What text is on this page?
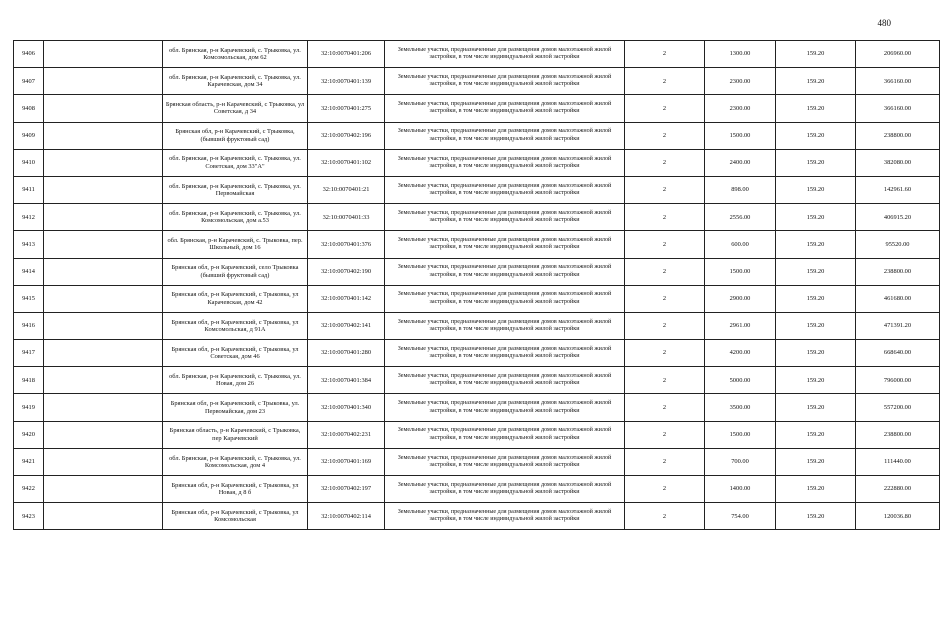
480
9406		обл. Брянская, р-н Карачевский, с. Трыковка, ул. Комсомольская, дом 62	32:10:0070401:206	Земельные участки, предназначенные для размещения домов малоэтажной жилой застройки, в том числе индивидуальной жилой застройки	2	1300.00	159.20	206960.00
9407		обл. Брянская, р-н Карачевский, с. Трыковка, ул. Карачевская, дом 34	32:10:0070401:139	Земельные участки, предназначенные для размещения домов малоэтажной жилой застройки, в том числе индивидуальной жилой застройки	2	2300.00	159.20	366160.00
9408		Брянская область, р-н Карачевский, с Трыковка, ул Советская, д 34	32:10:0070401:275	Земельные участки, предназначенные для размещения домов малоэтажной жилой застройки, в том числе индивидуальной жилой застройки	2	2300.00	159.20	366160.00
9409		Брянская обл, р-н Карачевский, с Трыковка, (бывший фруктовый сад)	32:10:0070402:196	Земельные участки, предназначенные для размещения домов малоэтажной жилой застройки, в том числе индивидуальной жилой застройки	2	1500.00	159.20	238800.00
9410		обл. Брянская, р-н Карачевский, с. Трыковка, ул. Советская, дом 33"А"	32:10:0070401:102	Земельные участки, предназначенные для размещения домов малоэтажной жилой застройки, в том числе индивидуальной жилой застройки	2	2400.00	159.20	382080.00
9411		обл. Брянская, р-н Карачевский, с. Трыковка, ул. Первомайская	32:10:0070401:21	Земельные участки, предназначенные для размещения домов малоэтажной жилой застройки, в том числе индивидуальной жилой застройки	2	898.00	159.20	142961.60
9412		обл. Брянская, р-н Карачевский, с. Трыковка, ул. Комсомольская, дом а.53	32:10:0070401:33	Земельные участки, предназначенные для размещения домов малоэтажной жилой застройки, в том числе индивидуальной жилой застройки	2	2556.00	159.20	406915.20
9413		обл. Брянская, р-н Карачевский, с. Трыковка, пер. Школьный, дом 16	32:10:0070401:376	Земельные участки, предназначенные для размещения домов малоэтажной жилой застройки, в том числе индивидуальной жилой застройки	2	600.00	159.20	95520.00
9414		Брянская обл, р-н Карачевский, село Трыковка (бывший фруктовый сад)	32:10:0070402:190	Земельные участки, предназначенные для размещения домов малоэтажной жилой застройки, в том числе индивидуальной жилой застройки	2	1500.00	159.20	238800.00
9415		Брянская обл, р-н Карачевский, с Трыковка, ул Карачевская, дом 42	32:10:0070401:142	Земельные участки, предназначенные для размещения домов малоэтажной жилой застройки, в том числе индивидуальной жилой застройки	2	2900.00	159.20	461680.00
9416		Брянская обл, р-н Карачевский, с Трыковка, ул Комсомольская, д 91А	32:10:0070402:141	Земельные участки, предназначенные для размещения домов малоэтажной жилой застройки, в том числе индивидуальной жилой застройки	2	2961.00	159.20	471391.20
9417		Брянская обл, р-н Карачевский, с Трыковка, ул Советская, дом 46	32:10:0070401:280	Земельные участки, предназначенные для размещения домов малоэтажной жилой застройки, в том числе индивидуальной жилой застройки	2	4200.00	159.20	668640.00
9418		обл. Брянская, р-н Карачевский, с. Трыковка, ул. Новая, дом 26	32:10:0070401:384	Земельные участки, предназначенные для размещения домов малоэтажной жилой застройки, в том числе индивидуальной жилой застройки	2	5000.00	159.20	796000.00
9419		Брянская обл, р-н Карачевский, с Трыковка, ул. Первомайская, дом 23	32:10:0070401:340	Земельные участки, предназначенные для размещения домов малоэтажной жилой застройки, в том числе индивидуальной жилой застройки	2	3500.00	159.20	557200.00
9420		Брянская область, р-н Карачевский, с Трыковка, пер Карачевский	32:10:0070402:231	Земельные участки, предназначенные для размещения домов малоэтажной жилой застройки, в том числе индивидуальной жилой застройки	2	1500.00	159.20	238800.00
9421		обл. Брянская, р-н Карачевский, с. Трыковка, ул. Комсомольская, дом 4	32:10:0070401:169	Земельные участки, предназначенные для размещения домов малоэтажной жилой застройки, в том числе индивидуальной жилой застройки	2	700.00	159.20	111440.00
9422		Брянская обл, р-н Карачевский, с Трыковка, ул Новая, д 8 б	32:10:0070402:197	Земельные участки, предназначенные для размещения домов малоэтажной жилой застройки, в том числе индивидуальной жилой застройки	2	1400.00	159.20	222880.00
9423		Брянская обл, р-н Карачевский, с Трыковка, ул Комсомольская	32:10:0070402:114	Земельные участки, предназначенные для размещения домов малоэтажной жилой застройки, в том числе индивидуальной жилой застройки	2	754.00	159.20	120036.80
